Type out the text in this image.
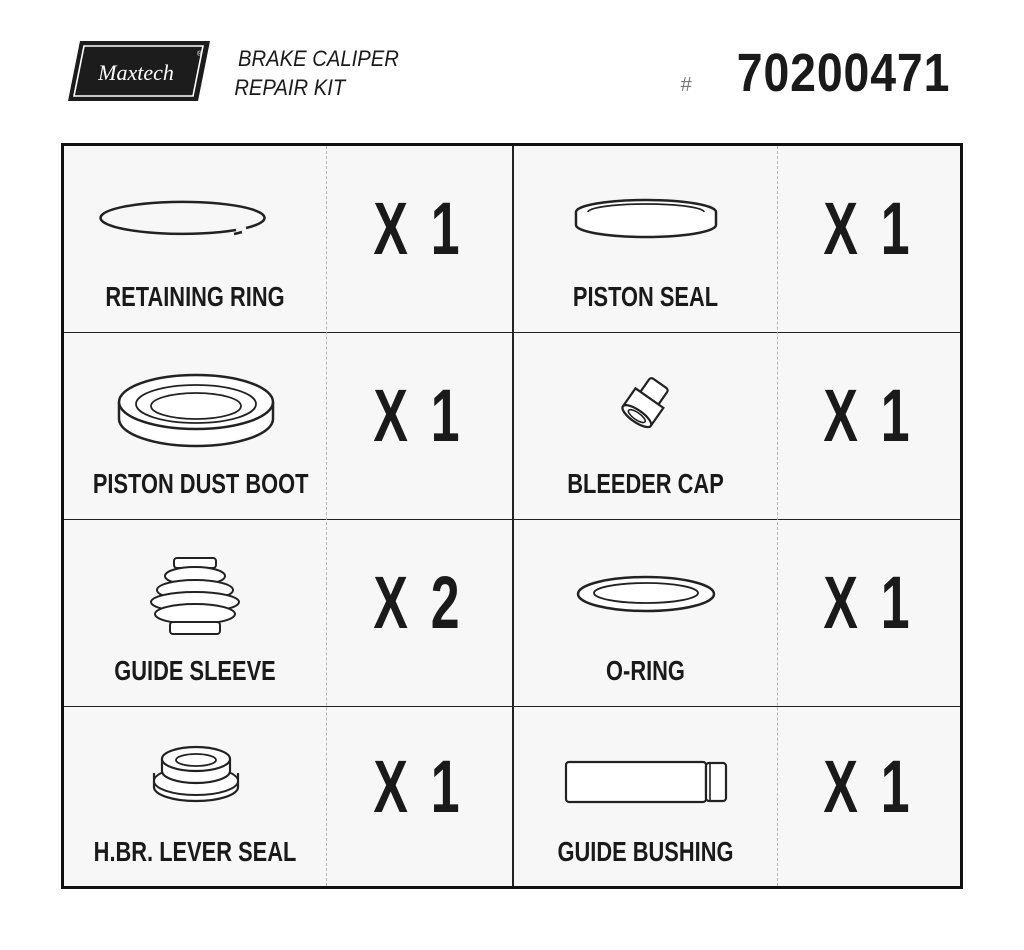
Maxtech
® BRAKE CALIPER
REPAIR KIT	# 70200471
RETAINING RING
X 1
PISTON SEAL
X 1
PISTON DUST BOOT
X 1
BLEEDER CAP
X 1
GUIDE SLEEVE
X 2
O-RING
X 1
H.BR. LEVER SEAL
X 1
GUIDE BUSHING
X 1
